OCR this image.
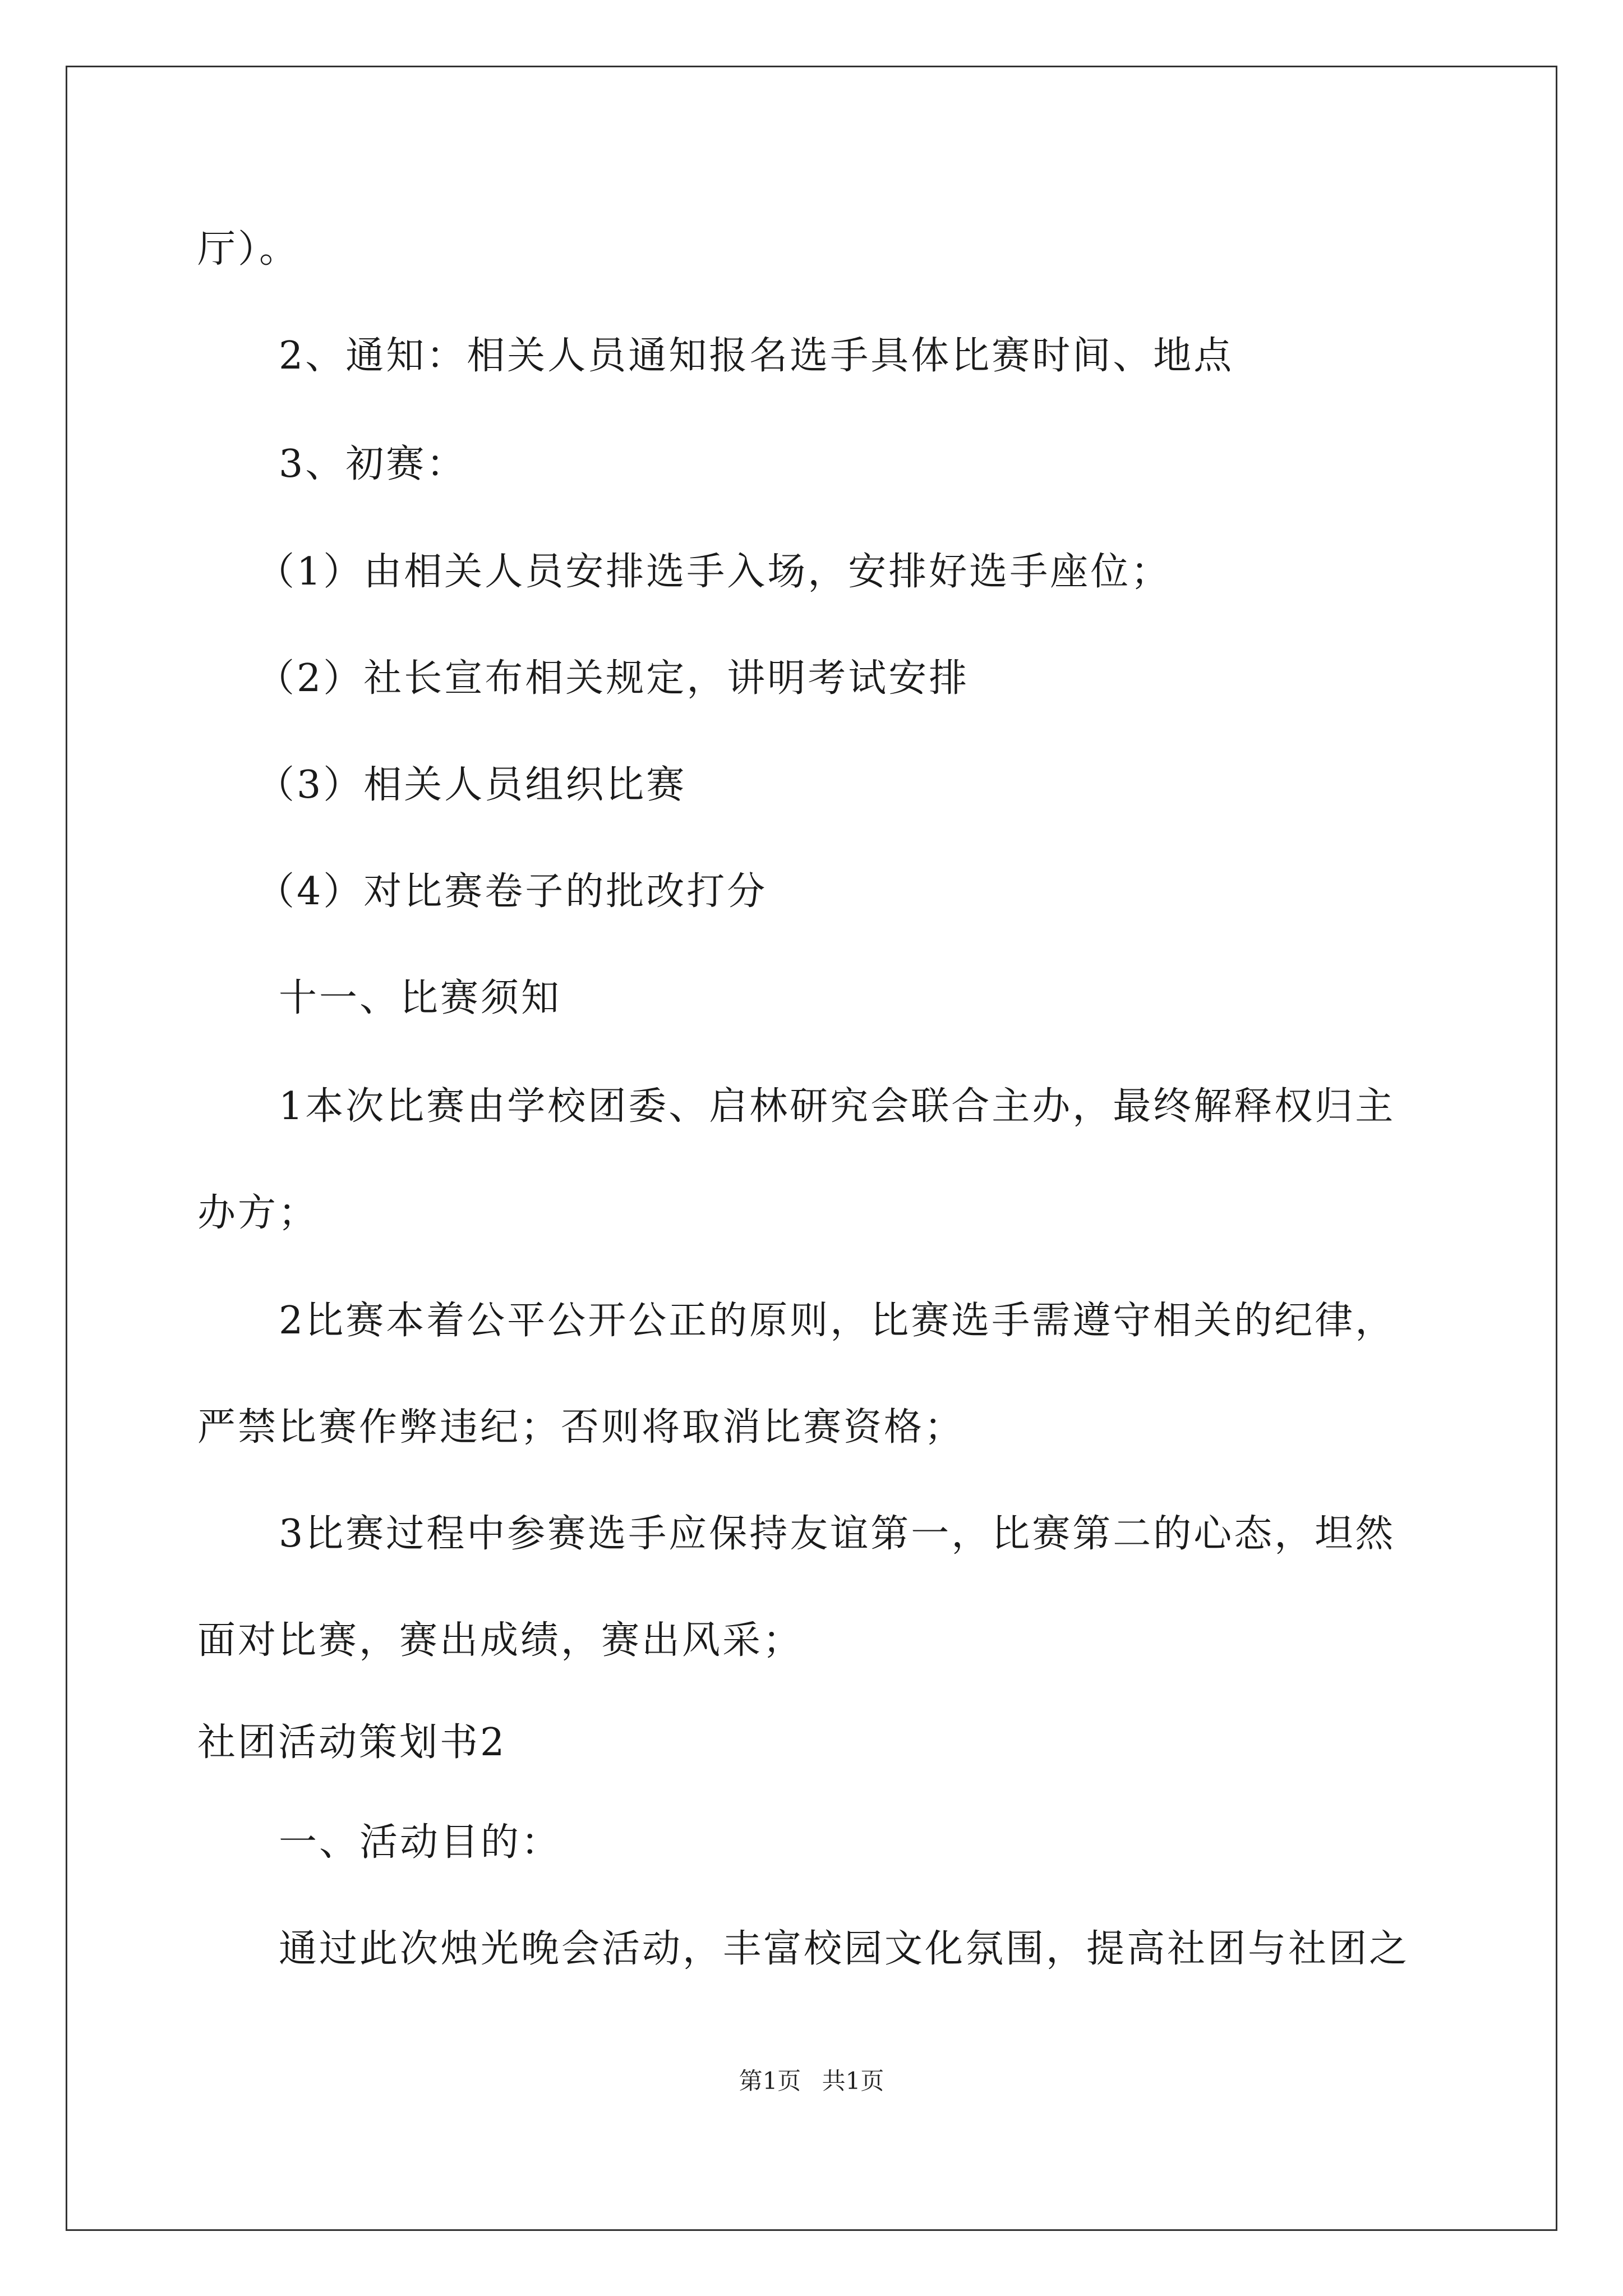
厅）。
2、通知：相关人员通知报名选手具体比赛时间、地点
3、初赛：
（1）由相关人员安排选手入场，安排好选手座位；
（2）社长宣布相关规定，讲明考试安排
（3）相关人员组织比赛
（4）对比赛卷子的批改打分
十一、比赛须知
1本次比赛由学校团委、启林研究会联合主办，最终解释权归主
办方；
2比赛本着公平公开公正的原则，比赛选手需遵守相关的纪律，
严禁比赛作弊违纪；否则将取消比赛资格；
3比赛过程中参赛选手应保持友谊第一，比赛第二的心态，坦然
面对比赛，赛出成绩，赛出风采；
社团活动策划书2
一、活动目的：
通过此次烛光晚会活动，丰富校园文化氛围，提高社团与社团之
第1页 共1页
